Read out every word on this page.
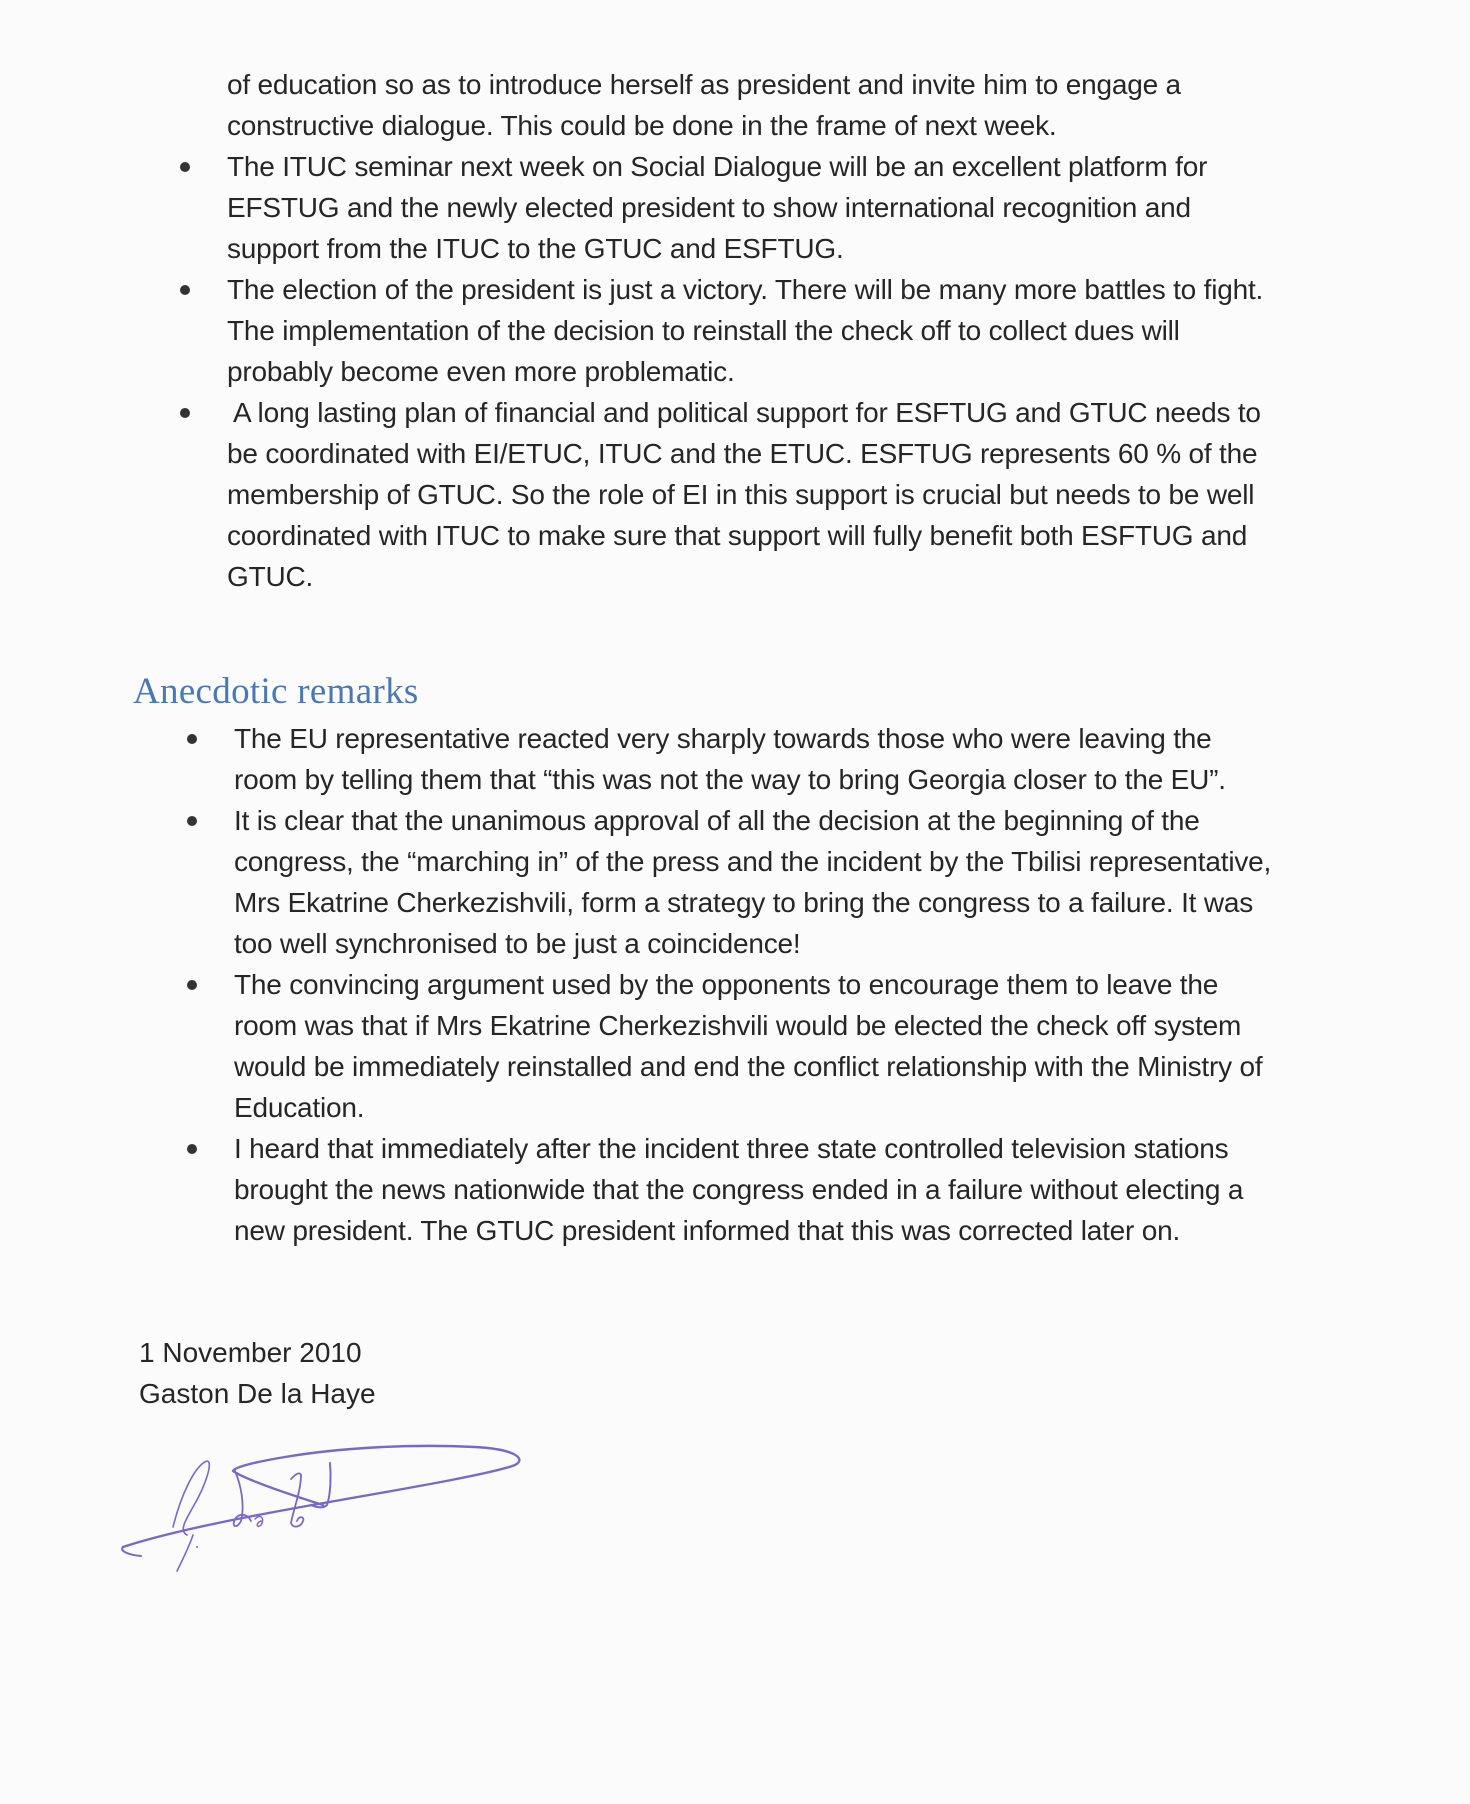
of education so as to introduce herself as president and invite him to engage a
constructive dialogue. This could be done in the frame of next week.
The ITUC seminar next week on Social Dialogue will be an excellent platform for
EFSTUG and the newly elected president to show international recognition and
support from the ITUC to the GTUC and ESFTUG.
The election of the president is just a victory. There will be many more battles to fight.
The implementation of the decision to reinstall the check off to collect dues will
probably become even more problematic.
A long lasting plan of financial and political support for ESFTUG and GTUC needs to
be coordinated with EI/ETUC, ITUC and the ETUC. ESFTUG represents 60 % of the
membership of GTUC. So the role of EI in this support is crucial but needs to be well
coordinated with ITUC to make sure that support will fully benefit both ESFTUG and
GTUC.
Anecdotic remarks
The EU representative reacted very sharply towards those who were leaving the
room by telling them that “this was not the way to bring Georgia closer to the EU”.
It is clear that the unanimous approval of all the decision at the beginning of the
congress, the “marching in” of the press and the incident by the Tbilisi representative,
Mrs Ekatrine Cherkezishvili, form a strategy to bring the congress to a failure. It was
too well synchronised to be just a coincidence!
The convincing argument used by the opponents to encourage them to leave the
room was that if Mrs Ekatrine Cherkezishvili would be elected the check off system
would be immediately reinstalled and end the conflict relationship with the Ministry of
Education.
I heard that immediately after the incident three state controlled television stations
brought the news nationwide that the congress ended in a failure without electing a
new president. The GTUC president informed that this was corrected later on.
1 November 2010
Gaston De la Haye
